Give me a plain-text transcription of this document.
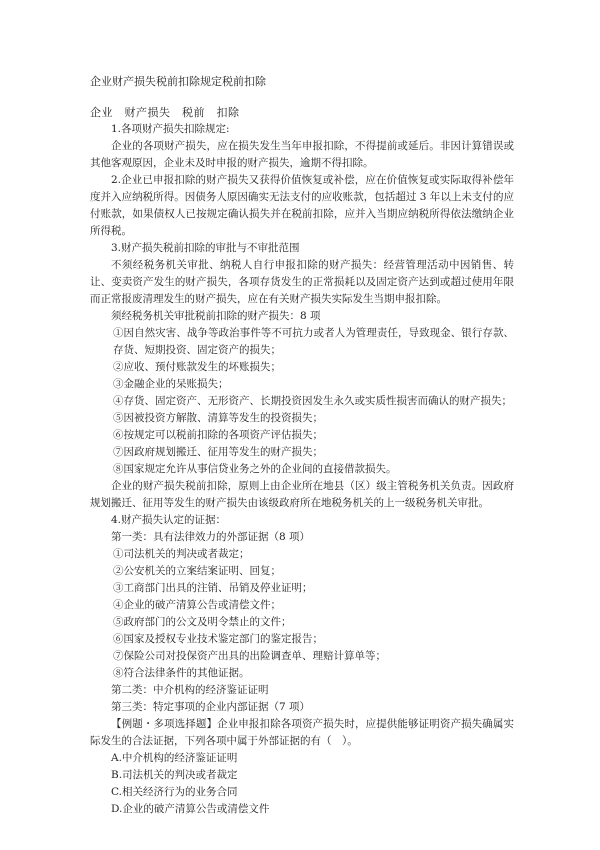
企业财产损失税前扣除规定税前扣除
企业　财产损失　税前　扣除

1.各项财产损失扣除规定:

企业的各项财产损失，应在损失发生当年申报扣除，不得提前或延后。非因计算错误或其他客观原因，企业未及时申报的财产损失，逾期不得扣除。

2.企业已申报扣除的财产损失又获得价值恢复或补偿，应在价值恢复或实际取得补偿年度并入应纳税所得。因债务人原因确实无法支付的应收账款，包括超过 3 年以上未支付的应付账款，如果债权人已按规定确认损失并在税前扣除，应并入当期应纳税所得依法缴纳企业所得税。

3.财产损失税前扣除的审批与不审批范围

不须经税务机关审批、纳税人自行申报扣除的财产损失：经营管理活动中因销售、转让、变卖资产发生的财产损失，各项存货发生的正常损耗以及固定资产达到或超过使用年限而正常报废清理发生的财产损失，应在有关财产损失实际发生当期申报扣除。

须经税务机关审批税前扣除的财产损失：8 项

①因自然灾害、战争等政治事件等不可抗力或者人为管理责任，导致现金、银行存款、存货、短期投资、固定资产的损失；

②应收、预付账款发生的坏账损失；

③金融企业的呆账损失；

④存货、固定资产、无形资产、长期投资因发生永久或实质性损害而确认的财产损失；

⑤因被投资方解散、清算等发生的投资损失；

⑥按规定可以税前扣除的各项资产评估损失；

⑦因政府规划搬迁、征用等发生的财产损失；

⑧国家规定允许从事信贷业务之外的企业间的直接借款损失。

企业的财产损失税前扣除，原则上由企业所在地县（区）级主管税务机关负责。因政府规划搬迁、征用等发生的财产损失由该级政府所在地税务机关的上一级税务机关审批。

4.财产损失认定的证据：

第一类：具有法律效力的外部证据（8 项）

①司法机关的判决或者裁定；

②公安机关的立案结案证明、回复；

③工商部门出具的注销、吊销及停业证明；

④企业的破产清算公告或清偿文件；

⑤政府部门的公文及明令禁止的文件；

⑥国家及授权专业技术鉴定部门的鉴定报告；

⑦保险公司对投保资产出具的出险调查单、理赔计算单等；

⑧符合法律条件的其他证据。

第二类：中介机构的经济鉴证证明

第三类：特定事项的企业内部证据（7 项）

【例题・多项选择题】企业申报扣除各项资产损失时，应提供能够证明资产损失确属实际发生的合法证据，下列各项中属于外部证据的有（　）。

A.中介机构的经济鉴证证明

B.司法机关的判决或者裁定

C.相关经济行为的业务合同

D.企业的破产清算公告或清偿文件
